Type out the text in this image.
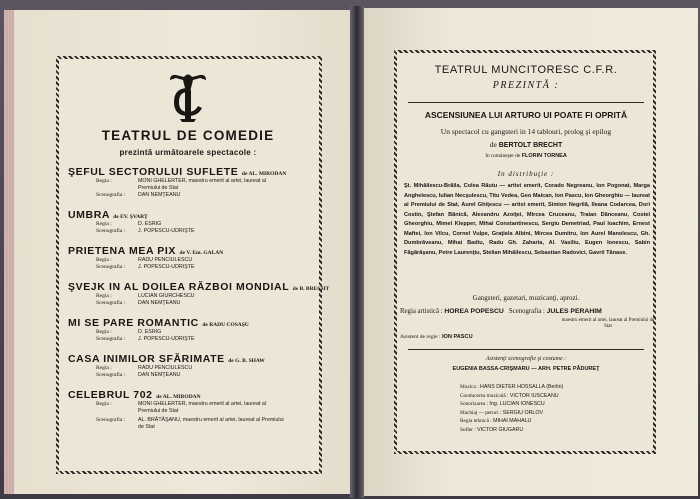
TEATRUL DE COMEDIE
prezintă următoarele spectacole :
ŞEFUL SECTORULUI SUFLETE de AL. MIRODAN
Regia :	MONI GHELERTER, maestru emerit al artei, laureat al Premiului de Stat
Scenografia : DAN NEMŢEANU
UMBRA de EV. ŞVARŢ
Regia :	D. ESRIG
Scenografia : J. POPESCU-UDRIŞTE
PRIETENA MEA PIX de V. Em. GALAN
Regia :	RADU PENCIULESCU
Scenografia : J. POPESCU-UDRIŞTE
ŞVEJK IN AL DOILEA RĂZBOI MONDIAL de B. BRECHT
Regia :	LUCIAN GIURCHESCU
Scenografia : DAN NEMŢEANU
MI SE PARE ROMANTIC de RADU COSAŞU
Regia :	D. ESRIG
Scenografia : J. POPESCU-UDRIŞTE
CASA INIMILOR SFĂRIMATE de G. B. SHAW
Regia :	RADU PENCIULESCU
Scenografia : DAN NEMŢEANU
CELEBRUL 702 de AL. MIRODAN
Regia :	MONI GHELERTER, maestru emerit al artei, laureat al Premiului de Stat
Scenografia : AL. BRĂTĂŞANU, maestru emerit al artei, laureat al Premiului de Stat
TEATRUL MUNCITORESC C.F.R.
PREZINTĂ :
ASCENSIUNEA LUI ARTURO UI POATE FI OPRITĂ
Un spectacol cu gangsteri in 14 tablouri, prolog şi epilog
de BERTOLT BRECHT
In româneşte de FLORIN TORNEA
In distribuţie :
Şt. Mihăilescu-Brăila, Colea Răutu — artist emerit, Corado Negreanu, Ion Pogonat, Marga Anghelescu, Iulian Necşulescu, Titu Vedea, Geo Maican, Ion Pascu, Ion Gheorghiu — laureat al Premiului de Stat, Aurel Ghiţescu — artist emerit, Simion Negrilă, Ileana Codarcea, Dori Costin, Ştefan Bănică, Alexandru Azoiţei, Mircea Cruceanu, Traian Dănceanu, Costel Gheorghiu, Mimel Klepper, Mihai Constantinescu, Sergiu Demetriad, Paul Ioachim, Ernest Maftei, Ion Vilcu, Cornel Vulpe, Graţiela Albini, Mircea Dumitru, Ion Aurel Manolescu, Gh. Dumbrăveanu, Mihai Badiu, Radu Gh. Zaharia, Al. Vasiliu, Eugen Ionescu, Sabin Făgărăşanu, Petre Laurenţiu, Stelian Mihăilescu, Sebastian Radovici, Gavril Tănase.
Gangsteri, gazetari, muzicanţi, aprozi.
Regia artistică : HOREA POPESCU Scenografia : JULES PERAHIM
maestru emerit al artei, laureat al Premiului de Stat
Asistent de regie : ION PASCU
Asistenţi scenografie şi costume :
EUGENIA BASSA-CRIŞMARU — ARH. PETRE PĂDUREŢ
Muzica : HANS DIETER HOSSALLA (Berlin)
Conducerea muzicală : VICTOR IUSCEANU
Sonorizarea : Ing. LUCIAN IONESCU
Machiaj — peruci : SERGIU ORLOV
Regia tehnică : MIHAI MAHALU
Sufler : VICTOR GIUGARU
